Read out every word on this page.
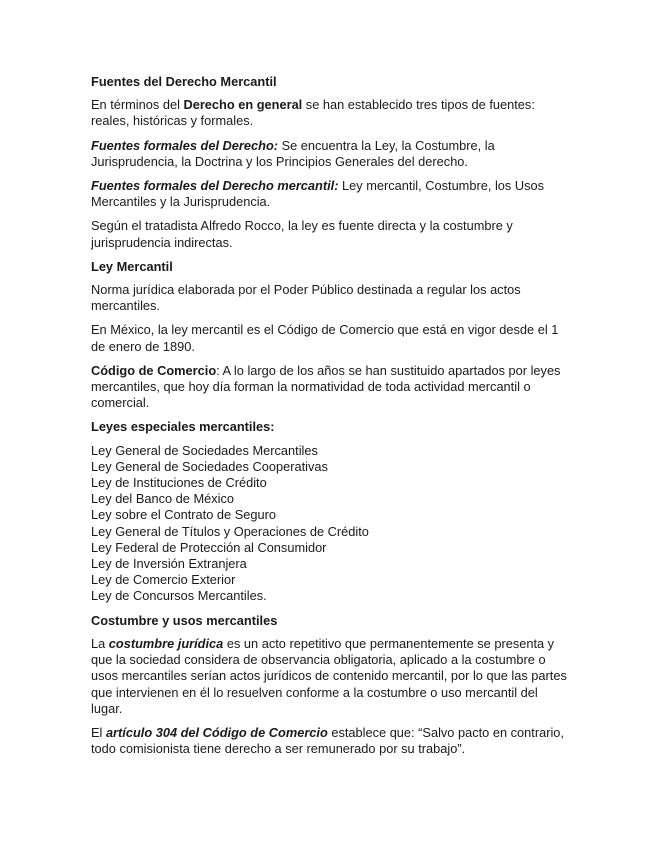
Fuentes del Derecho Mercantil

En términos del Derecho en general se han establecido tres tipos de fuentes: reales, históricas y formales.

Fuentes formales del Derecho: Se encuentra la Ley, la Costumbre, la Jurisprudencia, la Doctrina y los Principios Generales del derecho.

Fuentes formales del Derecho mercantil: Ley mercantil, Costumbre, los Usos Mercantiles y la Jurisprudencia.

Según el tratadista Alfredo Rocco, la ley es fuente directa y la costumbre y jurisprudencia indirectas.

Ley Mercantil

Norma jurídica elaborada por el Poder Público destinada a regular los actos mercantiles.

En México, la ley mercantil es el Código de Comercio que está en vigor desde el 1 de enero de 1890.

Código de Comercio: A lo largo de los años se han sustituido apartados por leyes mercantiles, que hoy día forman la normatividad de toda actividad mercantil o comercial.

Leyes especiales mercantiles:
Ley General de Sociedades Mercantiles
Ley General de Sociedades Cooperativas
Ley de Instituciones de Crédito
Ley del Banco de México
Ley sobre el Contrato de Seguro
Ley General de Títulos y Operaciones de Crédito
Ley Federal de Protección al Consumidor
Ley de Inversión Extranjera
Ley de Comercio Exterior
Ley de Concursos Mercantiles.
Costumbre y usos mercantiles

La costumbre jurídica es un acto repetitivo que permanentemente se presenta y que la sociedad considera de observancia obligatoria, aplicado a la costumbre o usos mercantiles serían actos jurídicos de contenido mercantil, por lo que las partes que intervienen en él lo resuelven conforme a la costumbre o uso mercantil del lugar.

El artículo 304 del Código de Comercio establece que: “Salvo pacto en contrario, todo comisionista tiene derecho a ser remunerado por su trabajo”.
